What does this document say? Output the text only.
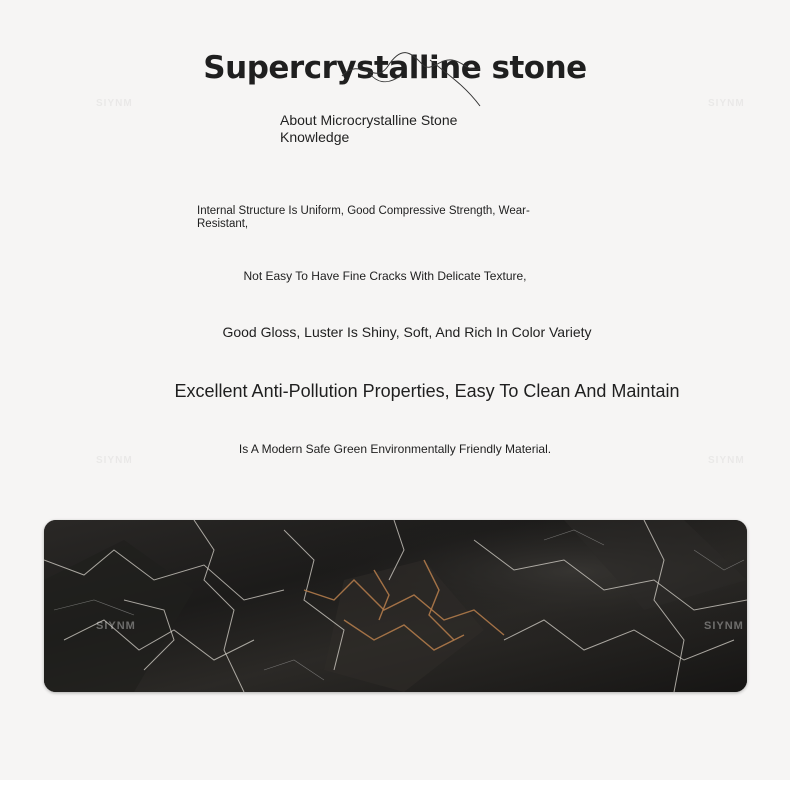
Supercrystalline stone

About Microcrystalline Stone Knowledge

Internal Structure Is Uniform, Good Compressive Strength, Wear-Resistant,

Not Easy To Have Fine Cracks With Delicate Texture,

Good Gloss, Luster Is Shiny, Soft, And Rich In Color Variety

Excellent Anti-Pollution Properties, Easy To Clean And Maintain

Is A Modern Safe Green Environmentally Friendly Material.

SIYNM	SIYNM
SIYNM	SIYNM
SIYNM	SIYNM
